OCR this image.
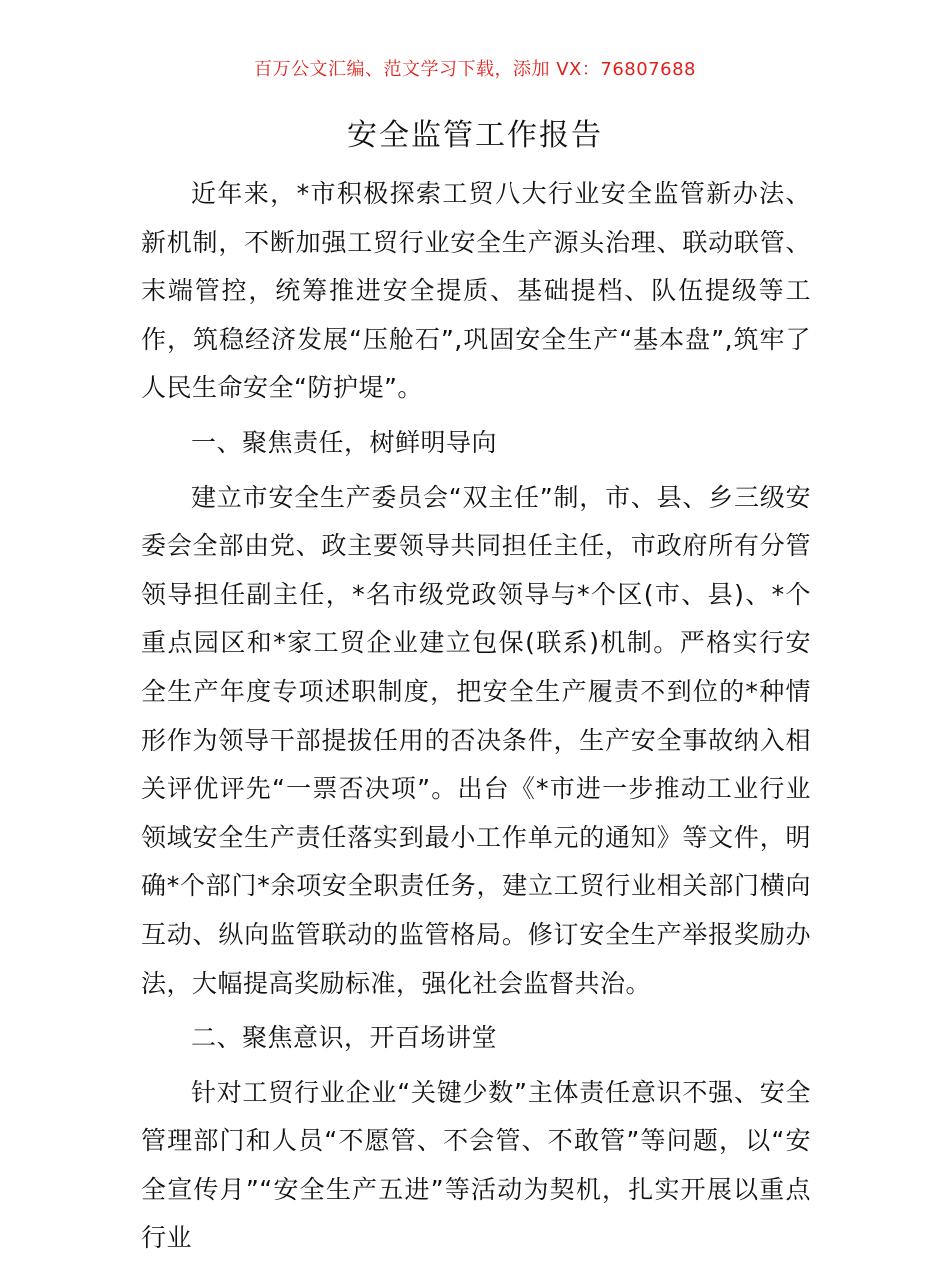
百万公文汇编、范文学习下载，添加 VX：76807688
安全监管工作报告

近年来，*市积极探索工贸八大行业安全监管新办法、新机制，不断加强工贸行业安全生产源头治理、联动联管、末端管控，统筹推进安全提质、基础提档、队伍提级等工作，筑稳经济发展“压舱石”,巩固安全生产“基本盘”,筑牢了人民生命安全“防护堤”。

一、聚焦责任，树鲜明导向

建立市安全生产委员会“双主任”制，市、县、乡三级安委会全部由党、政主要领导共同担任主任，市政府所有分管领导担任副主任，*名市级党政领导与*个区(市、县)、*个重点园区和*家工贸企业建立包保(联系)机制。严格实行安全生产年度专项述职制度，把安全生产履责不到位的*种情形作为领导干部提拔任用的否决条件，生产安全事故纳入相关评优评先“一票否决项”。出台《*市进一步推动工业行业领域安全生产责任落实到最小工作单元的通知》等文件，明确*个部门*余项安全职责任务，建立工贸行业相关部门横向互动、纵向监管联动的监管格局。修订安全生产举报奖励办法，大幅提高奖励标准，强化社会监督共治。

二、聚焦意识，开百场讲堂

针对工贸行业企业“关键少数”主体责任意识不强、安全管理部门和人员“不愿管、不会管、不敢管”等问题，以“安全宣传月”“安全生产五进”等活动为契机，扎实开展以重点行业
